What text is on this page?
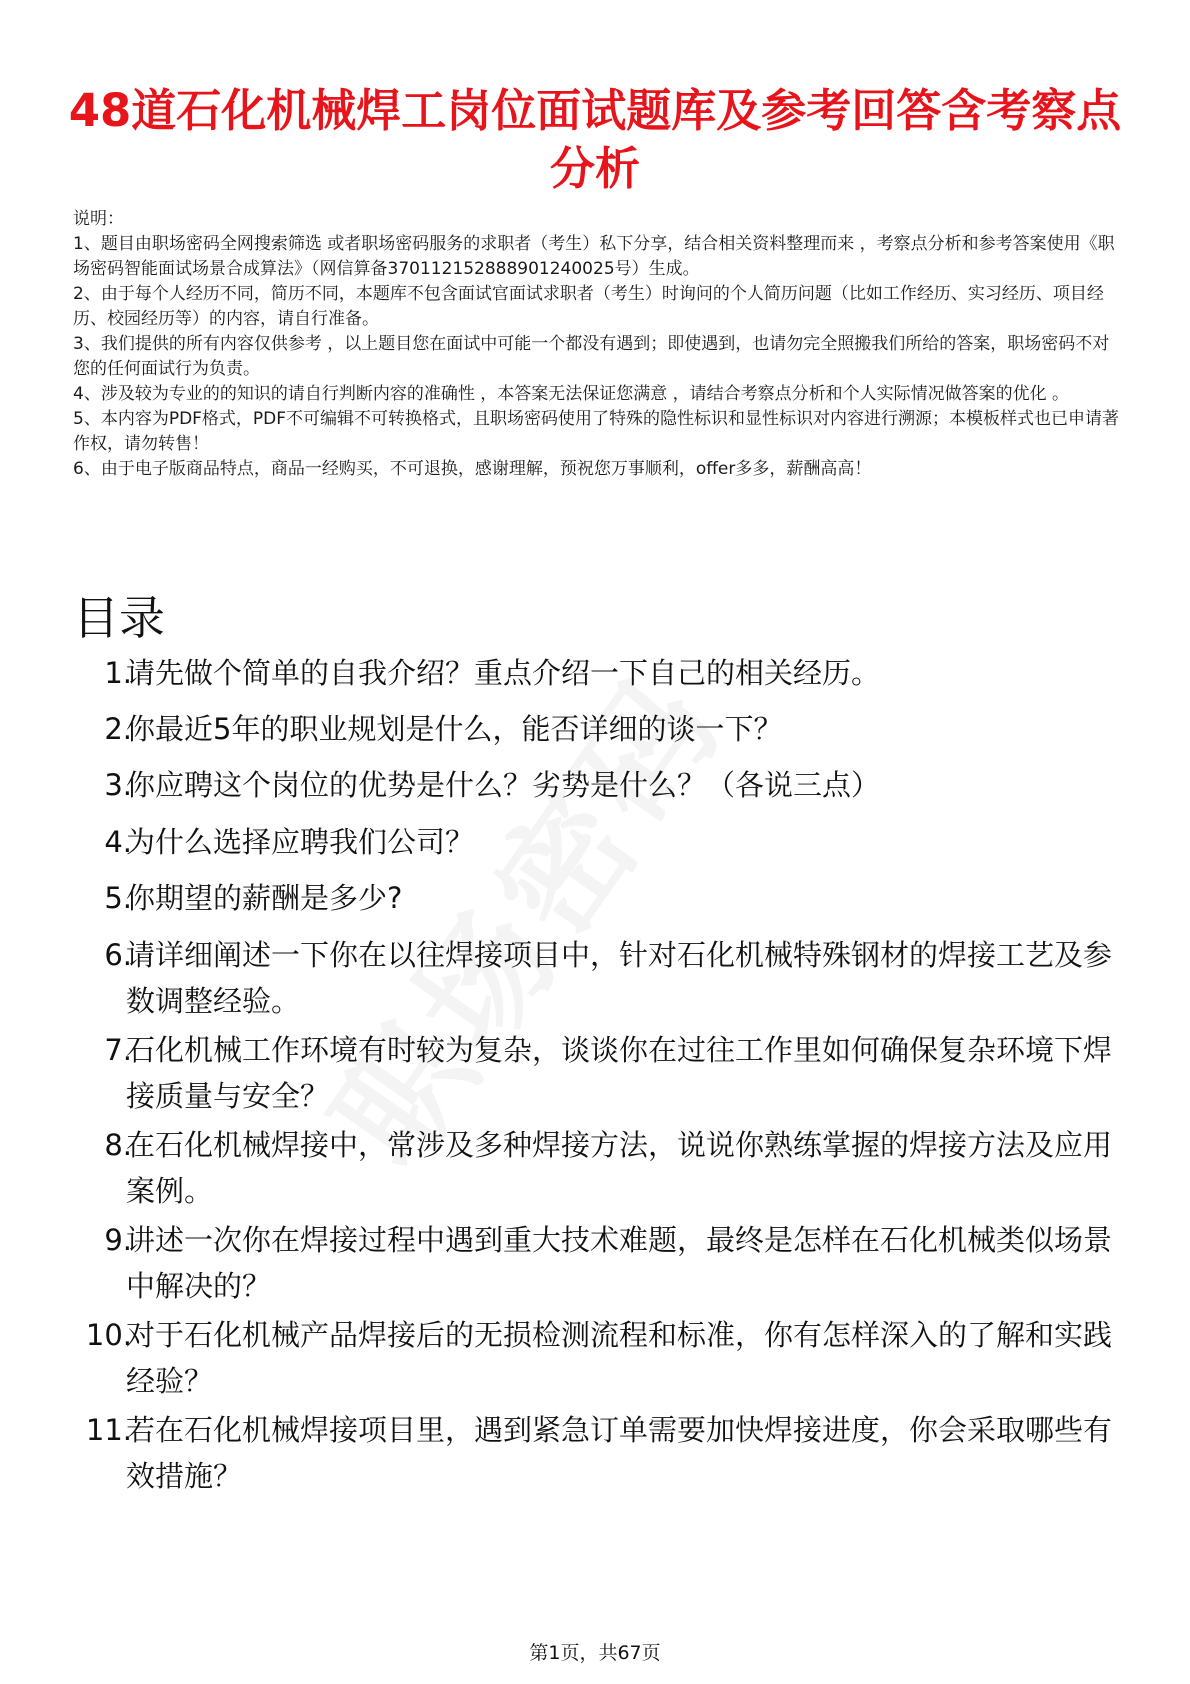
48道石化机械焊工岗位面试题库及参考回答含考察点分析

说明：

1、题目由职场密码全网搜索筛选 或者职场密码服务的求职者（考生）私下分享，结合相关资料整理而来 ，考察点分析和参考答案使用《职场密码智能面试场景合成算法》（网信算备370112152888901240025号）生成。

2、由于每个人经历不同，简历不同，本题库不包含面试官面试求职者（考生）时询问的个人简历问题（比如工作经历、实习经历、项目经历、校园经历等）的内容，请自行准备。

3、我们提供的所有内容仅供参考 ，以上题目您在面试中可能一个都没有遇到；即使遇到，也请勿完全照搬我们所给的答案，职场密码不对您的任何面试行为负责。

4、涉及较为专业的的知识的请自行判断内容的准确性 ，本答案无法保证您满意 ，请结合考察点分析和个人实际情况做答案的优化 。

5、本内容为PDF格式，PDF不可编辑不可转换格式，且职场密码使用了特殊的隐性标识和显性标识对内容进行溯源；本模板样式也已申请著作权，请勿转售！

6、由于电子版商品特点，商品一经购买，不可退换，感谢理解，预祝您万事顺利，offer多多，薪酬高高！

目录
1.
请先做个简单的自我介绍？重点介绍一下自己的相关经历。
2.
你最近5年的职业规划是什么，能否详细的谈一下？
3.
你应聘这个岗位的优势是什么？劣势是什么？（各说三点）
4.
为什么选择应聘我们公司？
5.
你期望的薪酬是多少?
6.
请详细阐述一下你在以往焊接项目中，针对石化机械特殊钢材的焊接工艺及参数调整经验。
7.
石化机械工作环境有时较为复杂，谈谈你在过往工作里如何确保复杂环境下焊接质量与安全？
8.
在石化机械焊接中，常涉及多种焊接方法，说说你熟练掌握的焊接方法及应用案例。
9.
讲述一次你在焊接过程中遇到重大技术难题，最终是怎样在石化机械类似场景中解决的？
10.
对于石化机械产品焊接后的无损检测流程和标准，你有怎样深入的了解和实践经验？
11.
若在石化机械焊接项目里，遇到紧急订单需要加快焊接进度，你会采取哪些有效措施？
第1页，共67页
